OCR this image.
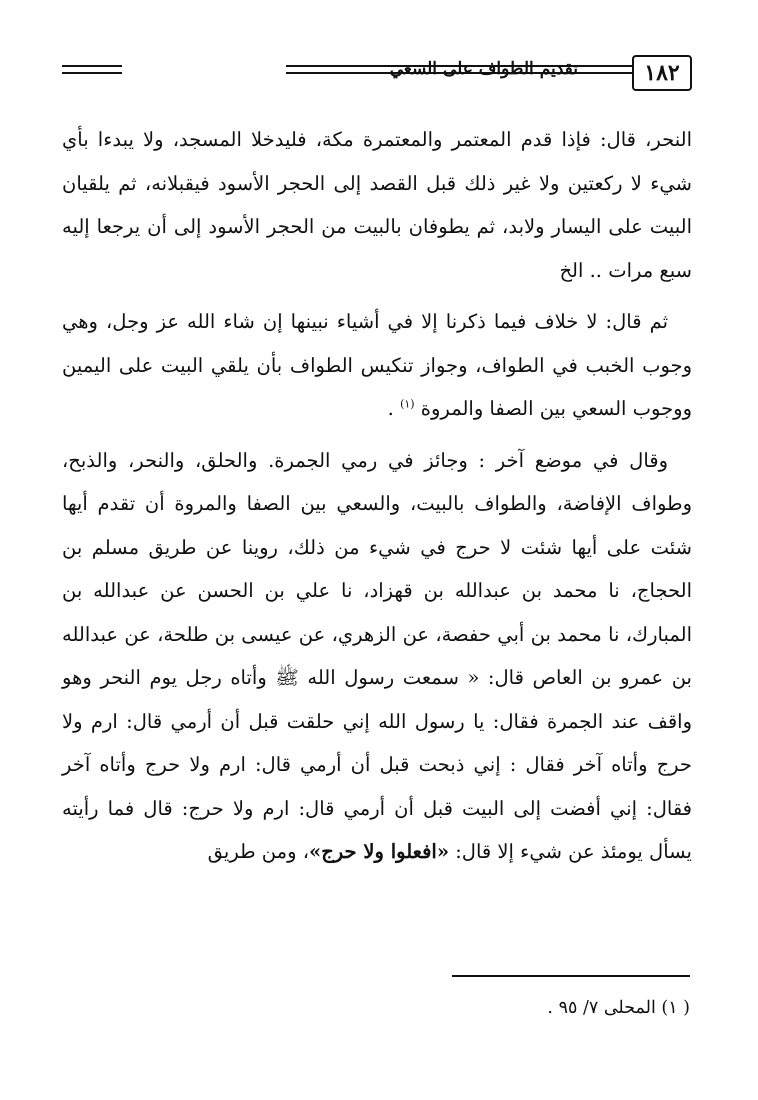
تقديم الطواف على السعي	١٨٢

النحر، قال: فإذا قدم المعتمر والمعتمرة مكة، فليدخلا المسجد، ولا يبدءا بأي شيء لا ركعتين ولا غير ذلك قبل القصد إلى الحجر الأسود فيقبلانه، ثم يلقيان البيت على اليسار ولابد، ثم يطوفان بالبيت من الحجر الأسود إلى أن يرجعا إليه سبع مرات .. الخ

ثم قال: لا خلاف فيما ذكرنا إلا في أشياء نبينها إن شاء الله عز وجل، وهي وجوب الخبب في الطواف، وجواز تنكيس الطواف بأن يلقي البيت على اليمين ووجوب السعي بين الصفا والمروة $^{(١)}$ .

وقال في موضع آخر : وجائز في رمي الجمرة. والحلق، والنحر، والذبح، وطواف الإفاضة، والطواف بالبيت، والسعي بين الصفا والمروة أن تقدم أيها شئت على أيها شئت لا حرج في شيء من ذلك، روينا عن طريق مسلم بن الحجاج، نا محمد بن عبدالله بن قهزاد، نا علي بن الحسن عن عبدالله بن المبارك، نا محمد بن أبي حفصة، عن الزهري، عن عيسى بن طلحة، عن عبدالله بن عمرو بن العاص قال: « سمعت رسول الله ﷺ وأتاه رجل يوم النحر وهو واقف عند الجمرة فقال: يا رسول الله إني حلقت قبل أن أرمي قال: ارم ولا حرج وأتاه آخر فقال : إني ذبحت قبل أن أرمي قال: ارم ولا حرج وأتاه آخر فقال: إني أفضت إلى البيت قبل أن أرمي قال: ارم ولا حرج: قال فما رأيته يسأل يومئذ عن شيء إلا قال: «افعلوا ولا حرج»، ومن طريق

( ١) المحلى ٧/ ٩٥ .
